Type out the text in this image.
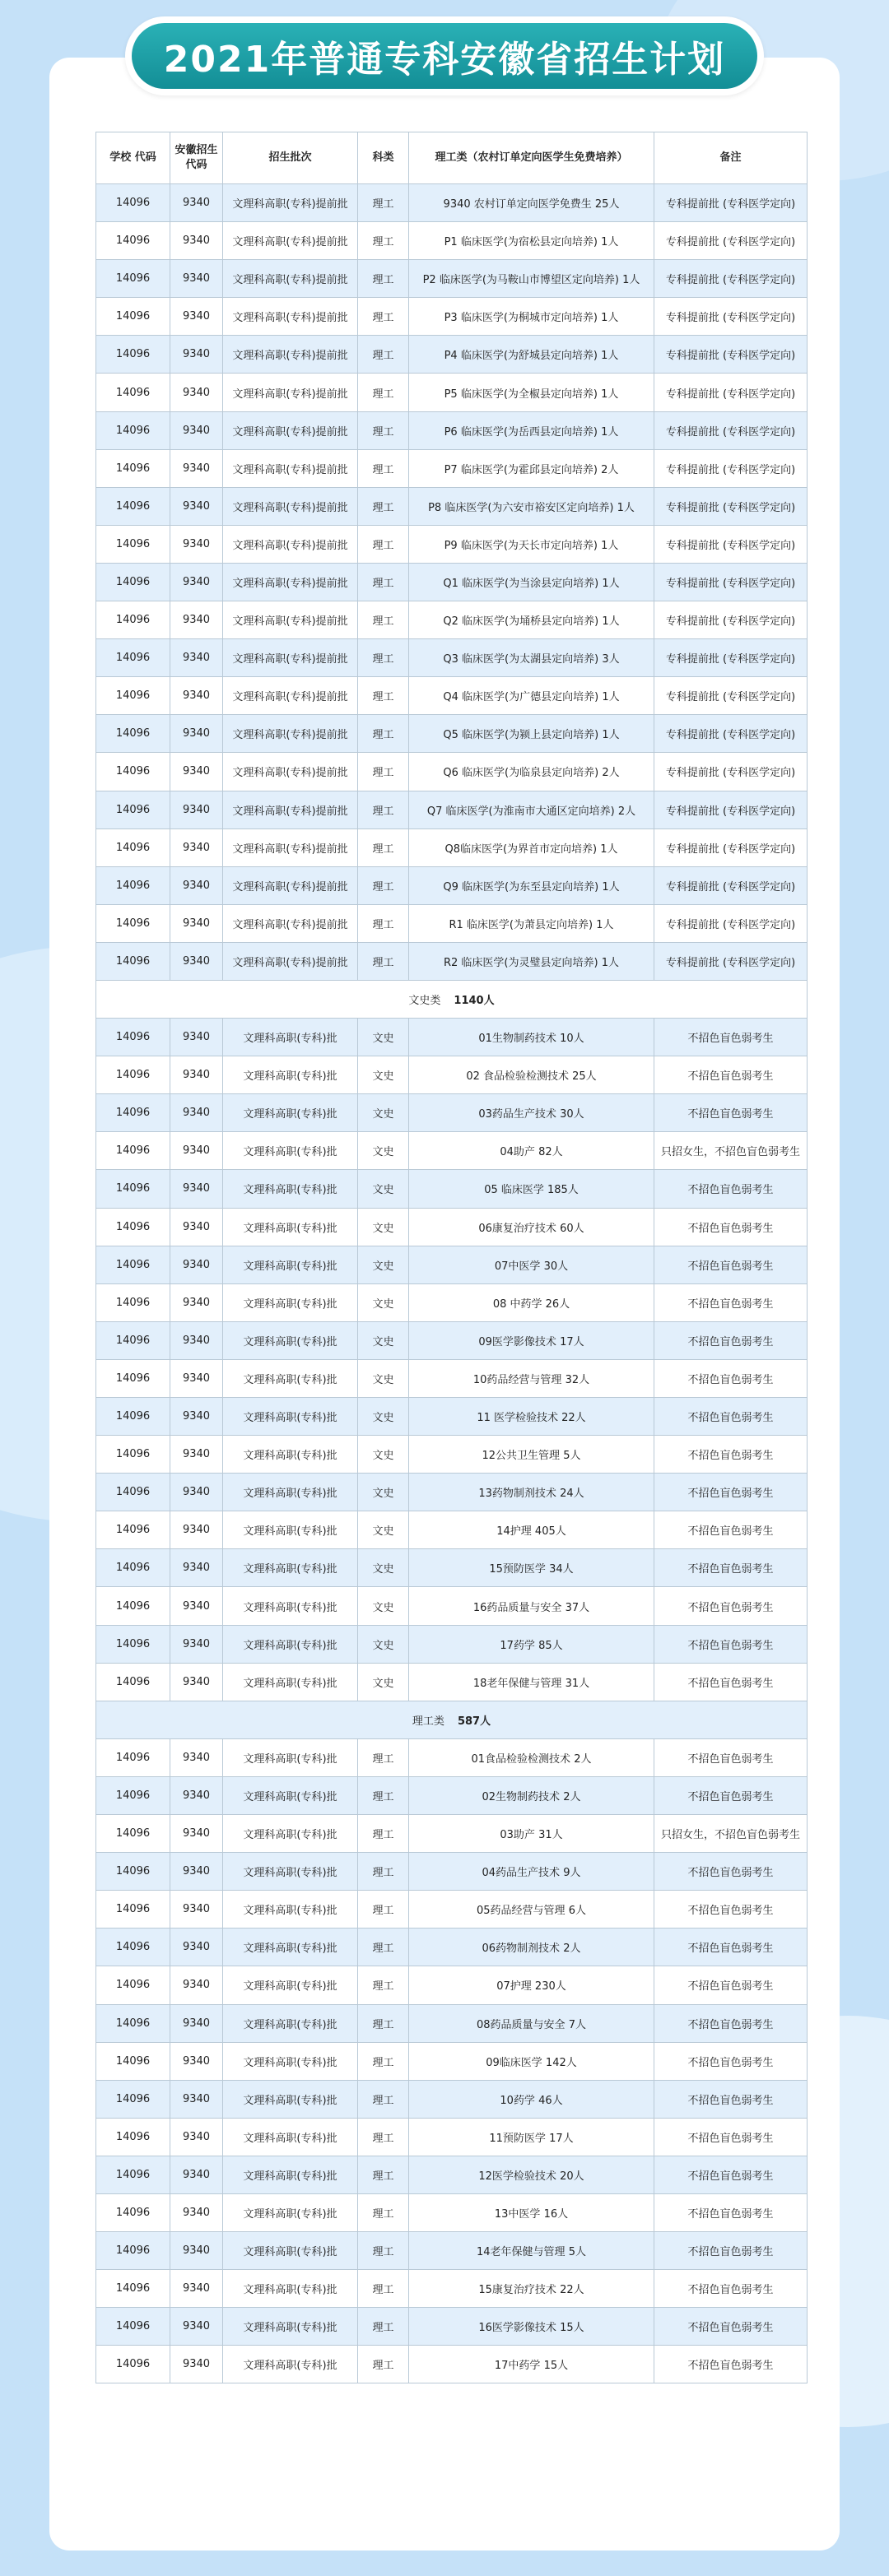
2021年普通专科安徽省招生计划
学校 代码	安徽招生代码	招生批次	科类	理工类（农村订单定向医学生免费培养）	备注
14096	9340	文理科高职(专科)提前批	理工	9340 农村订单定向医学免费生 25人	专科提前批 (专科医学定向)
14096	9340	文理科高职(专科)提前批	理工	P1 临床医学(为宿松县定向培养) 1人	专科提前批 (专科医学定向)
14096	9340	文理科高职(专科)提前批	理工	P2 临床医学(为马鞍山市博望区定向培养) 1人	专科提前批 (专科医学定向)
14096	9340	文理科高职(专科)提前批	理工	P3 临床医学(为桐城市定向培养) 1人	专科提前批 (专科医学定向)
14096	9340	文理科高职(专科)提前批	理工	P4 临床医学(为舒城县定向培养) 1人	专科提前批 (专科医学定向)
14096	9340	文理科高职(专科)提前批	理工	P5 临床医学(为全椒县定向培养) 1人	专科提前批 (专科医学定向)
14096	9340	文理科高职(专科)提前批	理工	P6 临床医学(为岳西县定向培养) 1人	专科提前批 (专科医学定向)
14096	9340	文理科高职(专科)提前批	理工	P7 临床医学(为霍邱县定向培养) 2人	专科提前批 (专科医学定向)
14096	9340	文理科高职(专科)提前批	理工	P8 临床医学(为六安市裕安区定向培养) 1人	专科提前批 (专科医学定向)
14096	9340	文理科高职(专科)提前批	理工	P9 临床医学(为天长市定向培养) 1人	专科提前批 (专科医学定向)
14096	9340	文理科高职(专科)提前批	理工	Q1 临床医学(为当涂县定向培养) 1人	专科提前批 (专科医学定向)
14096	9340	文理科高职(专科)提前批	理工	Q2 临床医学(为埇桥县定向培养) 1人	专科提前批 (专科医学定向)
14096	9340	文理科高职(专科)提前批	理工	Q3 临床医学(为太湖县定向培养) 3人	专科提前批 (专科医学定向)
14096	9340	文理科高职(专科)提前批	理工	Q4 临床医学(为广德县定向培养) 1人	专科提前批 (专科医学定向)
14096	9340	文理科高职(专科)提前批	理工	Q5 临床医学(为颍上县定向培养) 1人	专科提前批 (专科医学定向)
14096	9340	文理科高职(专科)提前批	理工	Q6 临床医学(为临泉县定向培养) 2人	专科提前批 (专科医学定向)
14096	9340	文理科高职(专科)提前批	理工	Q7 临床医学(为淮南市大通区定向培养) 2人	专科提前批 (专科医学定向)
14096	9340	文理科高职(专科)提前批	理工	Q8临床医学(为界首市定向培养) 1人	专科提前批 (专科医学定向)
14096	9340	文理科高职(专科)提前批	理工	Q9 临床医学(为东至县定向培养) 1人	专科提前批 (专科医学定向)
14096	9340	文理科高职(专科)提前批	理工	R1 临床医学(为萧县定向培养) 1人	专科提前批 (专科医学定向)
14096	9340	文理科高职(专科)提前批	理工	R2 临床医学(为灵璧县定向培养) 1人	专科提前批 (专科医学定向)
文史类 1140人					
14096	9340	文理科高职(专科)批	文史	01生物制药技术 10人	不招色盲色弱考生
14096	9340	文理科高职(专科)批	文史	02 食品检验检测技术 25人	不招色盲色弱考生
14096	9340	文理科高职(专科)批	文史	03药品生产技术 30人	不招色盲色弱考生
14096	9340	文理科高职(专科)批	文史	04助产 82人	只招女生，不招色盲色弱考生
14096	9340	文理科高职(专科)批	文史	05 临床医学 185人	不招色盲色弱考生
14096	9340	文理科高职(专科)批	文史	06康复治疗技术 60人	不招色盲色弱考生
14096	9340	文理科高职(专科)批	文史	07中医学 30人	不招色盲色弱考生
14096	9340	文理科高职(专科)批	文史	08 中药学 26人	不招色盲色弱考生
14096	9340	文理科高职(专科)批	文史	09医学影像技术 17人	不招色盲色弱考生
14096	9340	文理科高职(专科)批	文史	10药品经营与管理 32人	不招色盲色弱考生
14096	9340	文理科高职(专科)批	文史	11 医学检验技术 22人	不招色盲色弱考生
14096	9340	文理科高职(专科)批	文史	12公共卫生管理 5人	不招色盲色弱考生
14096	9340	文理科高职(专科)批	文史	13药物制剂技术 24人	不招色盲色弱考生
14096	9340	文理科高职(专科)批	文史	14护理 405人	不招色盲色弱考生
14096	9340	文理科高职(专科)批	文史	15预防医学 34人	不招色盲色弱考生
14096	9340	文理科高职(专科)批	文史	16药品质量与安全 37人	不招色盲色弱考生
14096	9340	文理科高职(专科)批	文史	17药学 85人	不招色盲色弱考生
14096	9340	文理科高职(专科)批	文史	18老年保健与管理 31人	不招色盲色弱考生
理工类 587人					
14096	9340	文理科高职(专科)批	理工	01食品检验检测技术 2人	不招色盲色弱考生
14096	9340	文理科高职(专科)批	理工	02生物制药技术 2人	不招色盲色弱考生
14096	9340	文理科高职(专科)批	理工	03助产 31人	只招女生，不招色盲色弱考生
14096	9340	文理科高职(专科)批	理工	04药品生产技术 9人	不招色盲色弱考生
14096	9340	文理科高职(专科)批	理工	05药品经营与管理 6人	不招色盲色弱考生
14096	9340	文理科高职(专科)批	理工	06药物制剂技术 2人	不招色盲色弱考生
14096	9340	文理科高职(专科)批	理工	07护理 230人	不招色盲色弱考生
14096	9340	文理科高职(专科)批	理工	08药品质量与安全 7人	不招色盲色弱考生
14096	9340	文理科高职(专科)批	理工	09临床医学 142人	不招色盲色弱考生
14096	9340	文理科高职(专科)批	理工	10药学 46人	不招色盲色弱考生
14096	9340	文理科高职(专科)批	理工	11预防医学 17人	不招色盲色弱考生
14096	9340	文理科高职(专科)批	理工	12医学检验技术 20人	不招色盲色弱考生
14096	9340	文理科高职(专科)批	理工	13中医学 16人	不招色盲色弱考生
14096	9340	文理科高职(专科)批	理工	14老年保健与管理 5人	不招色盲色弱考生
14096	9340	文理科高职(专科)批	理工	15康复治疗技术 22人	不招色盲色弱考生
14096	9340	文理科高职(专科)批	理工	16医学影像技术 15人	不招色盲色弱考生
14096	9340	文理科高职(专科)批	理工	17中药学 15人	不招色盲色弱考生
